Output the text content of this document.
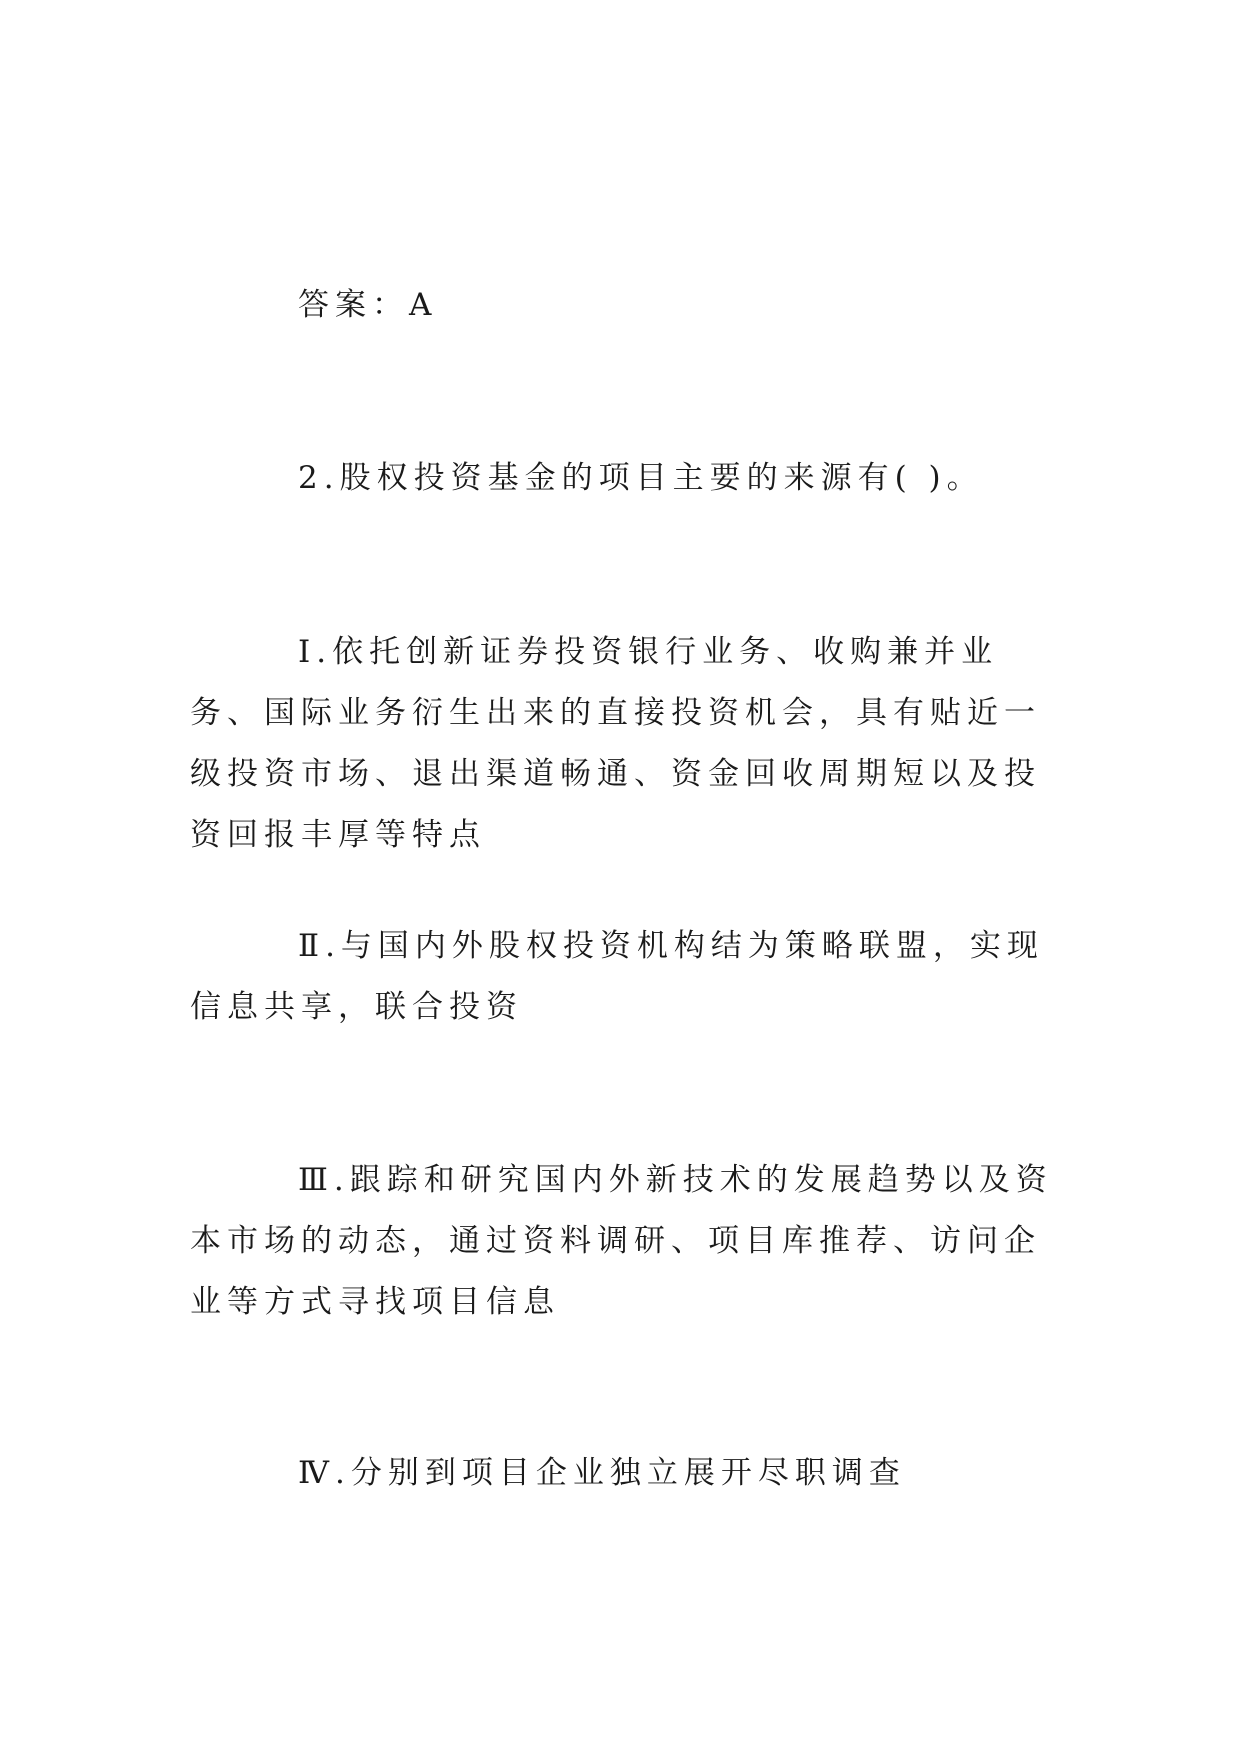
答案：A

2.股权投资基金的项目主要的来源有( )。

Ⅰ.依托创新证券投资银行业务、收购兼并业务、国际业务衍生出来的直接投资机会，具有贴近一级投资市场、退出渠道畅通、资金回收周期短以及投资回报丰厚等特点

Ⅱ.与国内外股权投资机构结为策略联盟，实现信息共享，联合投资

Ⅲ.跟踪和研究国内外新技术的发展趋势以及资本市场的动态，通过资料调研、项目库推荐、访问企业等方式寻找项目信息

Ⅳ.分别到项目企业独立展开尽职调查
